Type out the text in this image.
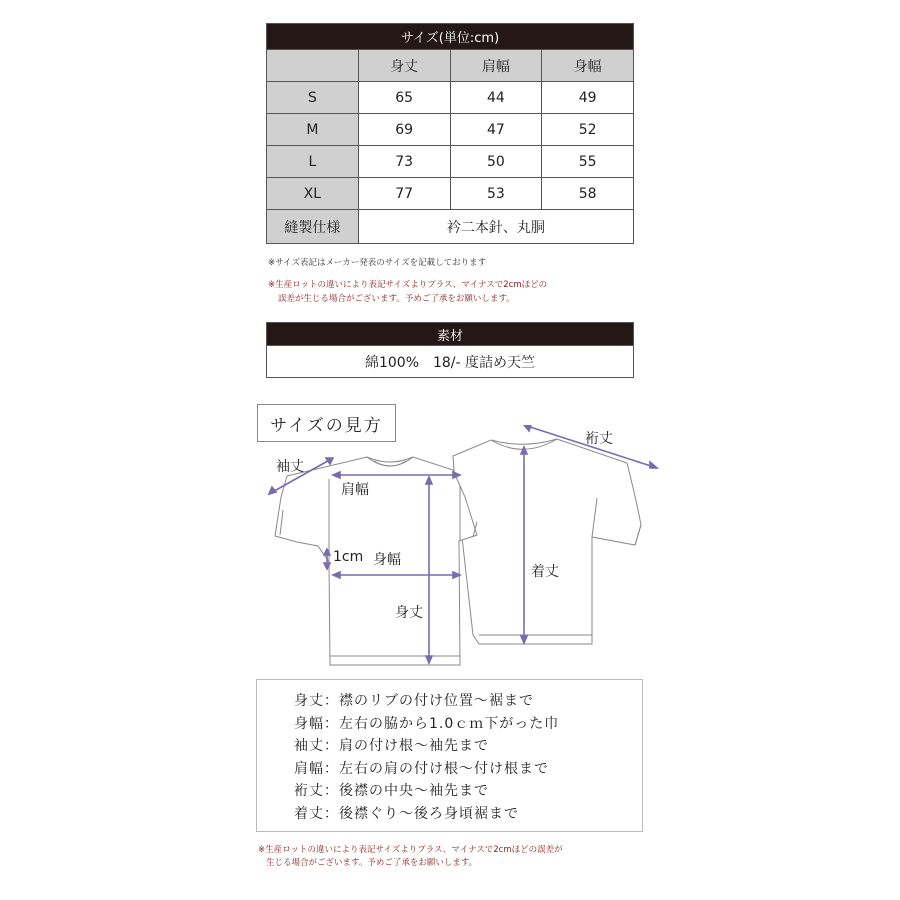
サイズ(単位:cm)			
	身丈	肩幅	身幅
S	65	44	49
M	69	47	52
L	73	50	55
XL	77	53	58
縫製仕様	衿二本針、丸胴		
※サイズ表記はメーカー発表のサイズを記載しております
※生産ロットの違いにより表記サイズよりプラス、マイナスで2cmほどの
誤差が生じる場合がございます。予めご了承をお願いします。
素材
綿100%　18/- 度詰め天竺
サイズの見方
袖丈
肩幅
1cm 身幅
身丈
裄丈
着丈
身丈：襟のリブの付け位置～裾まで
身幅：左右の脇から1.0ｃｍ下がった巾
袖丈：肩の付け根～袖先まで
肩幅：左右の肩の付け根～付け根まで
裄丈：後襟の中央～袖先まで
着丈：後襟ぐり～後ろ身頃裾まで
※生産ロットの違いにより表記サイズよりプラス、マイナスで2cmほどの誤差が
生じる場合がございます。予めご了承をお願いします。
